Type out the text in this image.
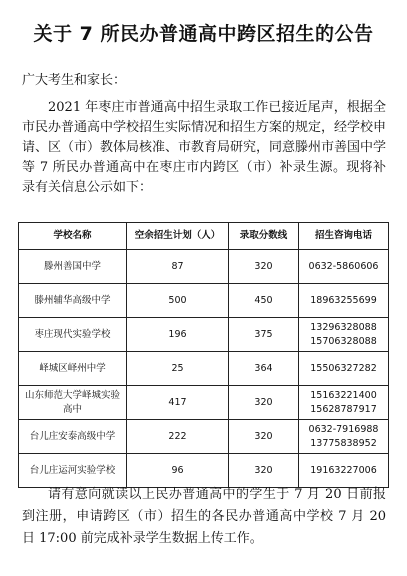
关于 7 所民办普通高中跨区招生的公告
广大考生和家长：
2021 年枣庄市普通高中招生录取工作已接近尾声，根据全市民办普通高中学校招生实际情况和招生方案的规定，经学校申请、区（市）教体局核准、市教育局研究，同意滕州市善国中学等 7 所民办普通高中在枣庄市内跨区（市）补录生源。现将补录有关信息公示如下：
学校名称	空余招生计划（人）	录取分数线	招生咨询电话
滕州善国中学	87	320	0632-5860606

滕州辅华高级中学	500	450	18963255699

枣庄现代实验学校	196	375	13296328088
15706328088

峄城区峄州中学	25	364	15506327282

山东师范大学峄城实验高中	417	320	15163221400
15628787917

台儿庄安泰高级中学	222	320	0632-7916988
13775838952

台儿庄运河实验学校	96	320	19163227006
请有意向就读以上民办普通高中的学生于 7 月 20 日前报到注册，申请跨区（市）招生的各民办普通高中学校 7 月 20 日 17:00 前完成补录学生数据上传工作。
